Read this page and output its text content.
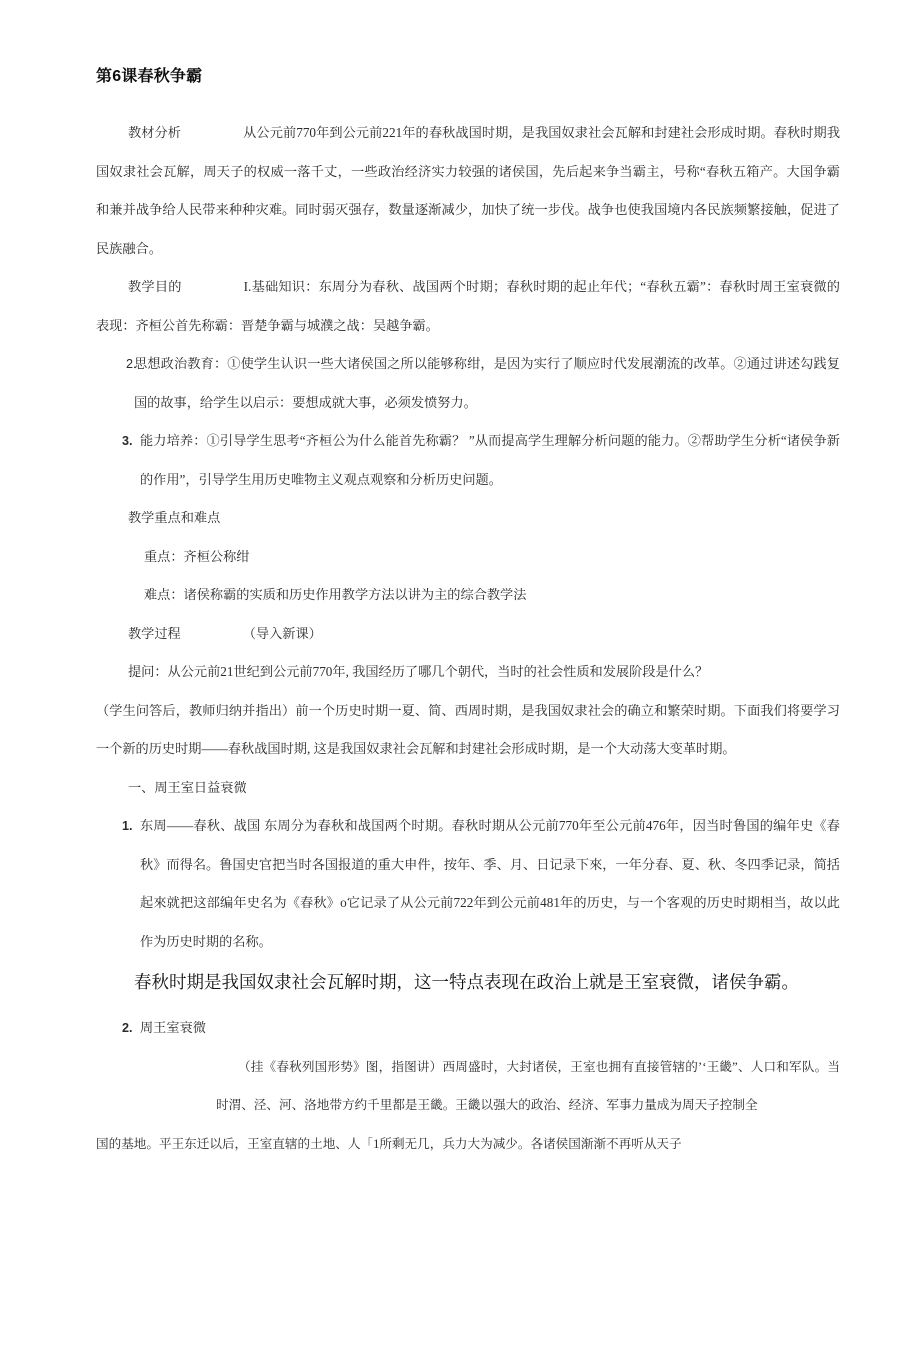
第6课春秋争霸

教材分析	从公元前770年到公元前221年的春秋战国时期，是我国奴隶社会瓦解和封建社会形成时期。春秋时期我国奴隶社会瓦解，周天子的权威一落千丈，一些政治经济实力较强的诸侯国，先后起来争当霸主，号称“春秋五箱产。大国争霸和兼并战争给人民带来种种灾难。同时弱灭强存，数量逐渐减少，加快了统一步伐。战争也使我国境内各民族频繁接触，促进了民族融合。

教学目的	I.基础知识：东周分为春秋、战国两个时期；春秋时期的起止年代；“春秋五霸”：春秋时周王室衰微的表现：齐桓公首先称霸：晋楚争霸与城濮之战：吴越争霸。

2.
思想政治教育：①使学生认识一些大诸侯国之所以能够称绀，是因为实行了顺应时代发展潮流的改革。②通过讲述勾践复国的故事，给学生以启示：要想成就大事，必须发愤努力。
3. 能力培养：①引导学生思考“齐桓公为什么能首先称霸？ ”从而提高学生理解分析问题的能力。②帮助学生分析“诸侯争新的作用”，引导学生用历史唯物主义观点观察和分析历史问题。

教学重点和难点

重点：齐桓公称绀

难点：诸侯称霸的实质和历史作用教学方法以讲为主的综合教学法

教学过程	（导入新课）

提问：从公元前21世纪到公元前770年, 我国经历了哪几个朝代，当时的社会性质和发展阶段是什么？

（学生问答后，教师归纳并指出）前一个历史时期一夏、简、西周时期，是我国奴隶社会的确立和繁荣时期。下面我们将要学习一个新的历史时期——春秋战国时期, 这是我国奴隶社会瓦解和封建社会形成时期，是一个大动荡大变革时期。

一、周王室日益衰微

1. 东周——春秋、战国 东周分为春秋和战国两个时期。春秋时期从公元前770年至公元前476年，因当时鲁国的编年史《春秋》而得名。鲁国史官把当时各国报道的重大申件，按年、季、月、日记录下來，一年分春、夏、秋、冬四季记录，简括起來就把这部编年史名为《春秋》o它记录了从公元前722年到公元前481年的历史，与一个客观的历史时期相当，故以此作为历史时期的名称。

春秋时期是我国奴隶社会瓦解时期，这一特点表现在政治上就是王室衰微，诸侯争霸。

2. 周王室衰微

（挂《春秋列国形势》图，指图讲）西周盛时，大封诸侯，王室也拥有直接管辖的’‘王畿”、人口和军队。当时渭、泾、河、洛地带方约千里都是王畿。王畿以强大的政治、经济、军事力量成为周天子控制全

国的基地。平王东迁以后，王室直辖的土地、人「1所剩无几，兵力大为减少。各诸侯国渐渐不再听从天子
